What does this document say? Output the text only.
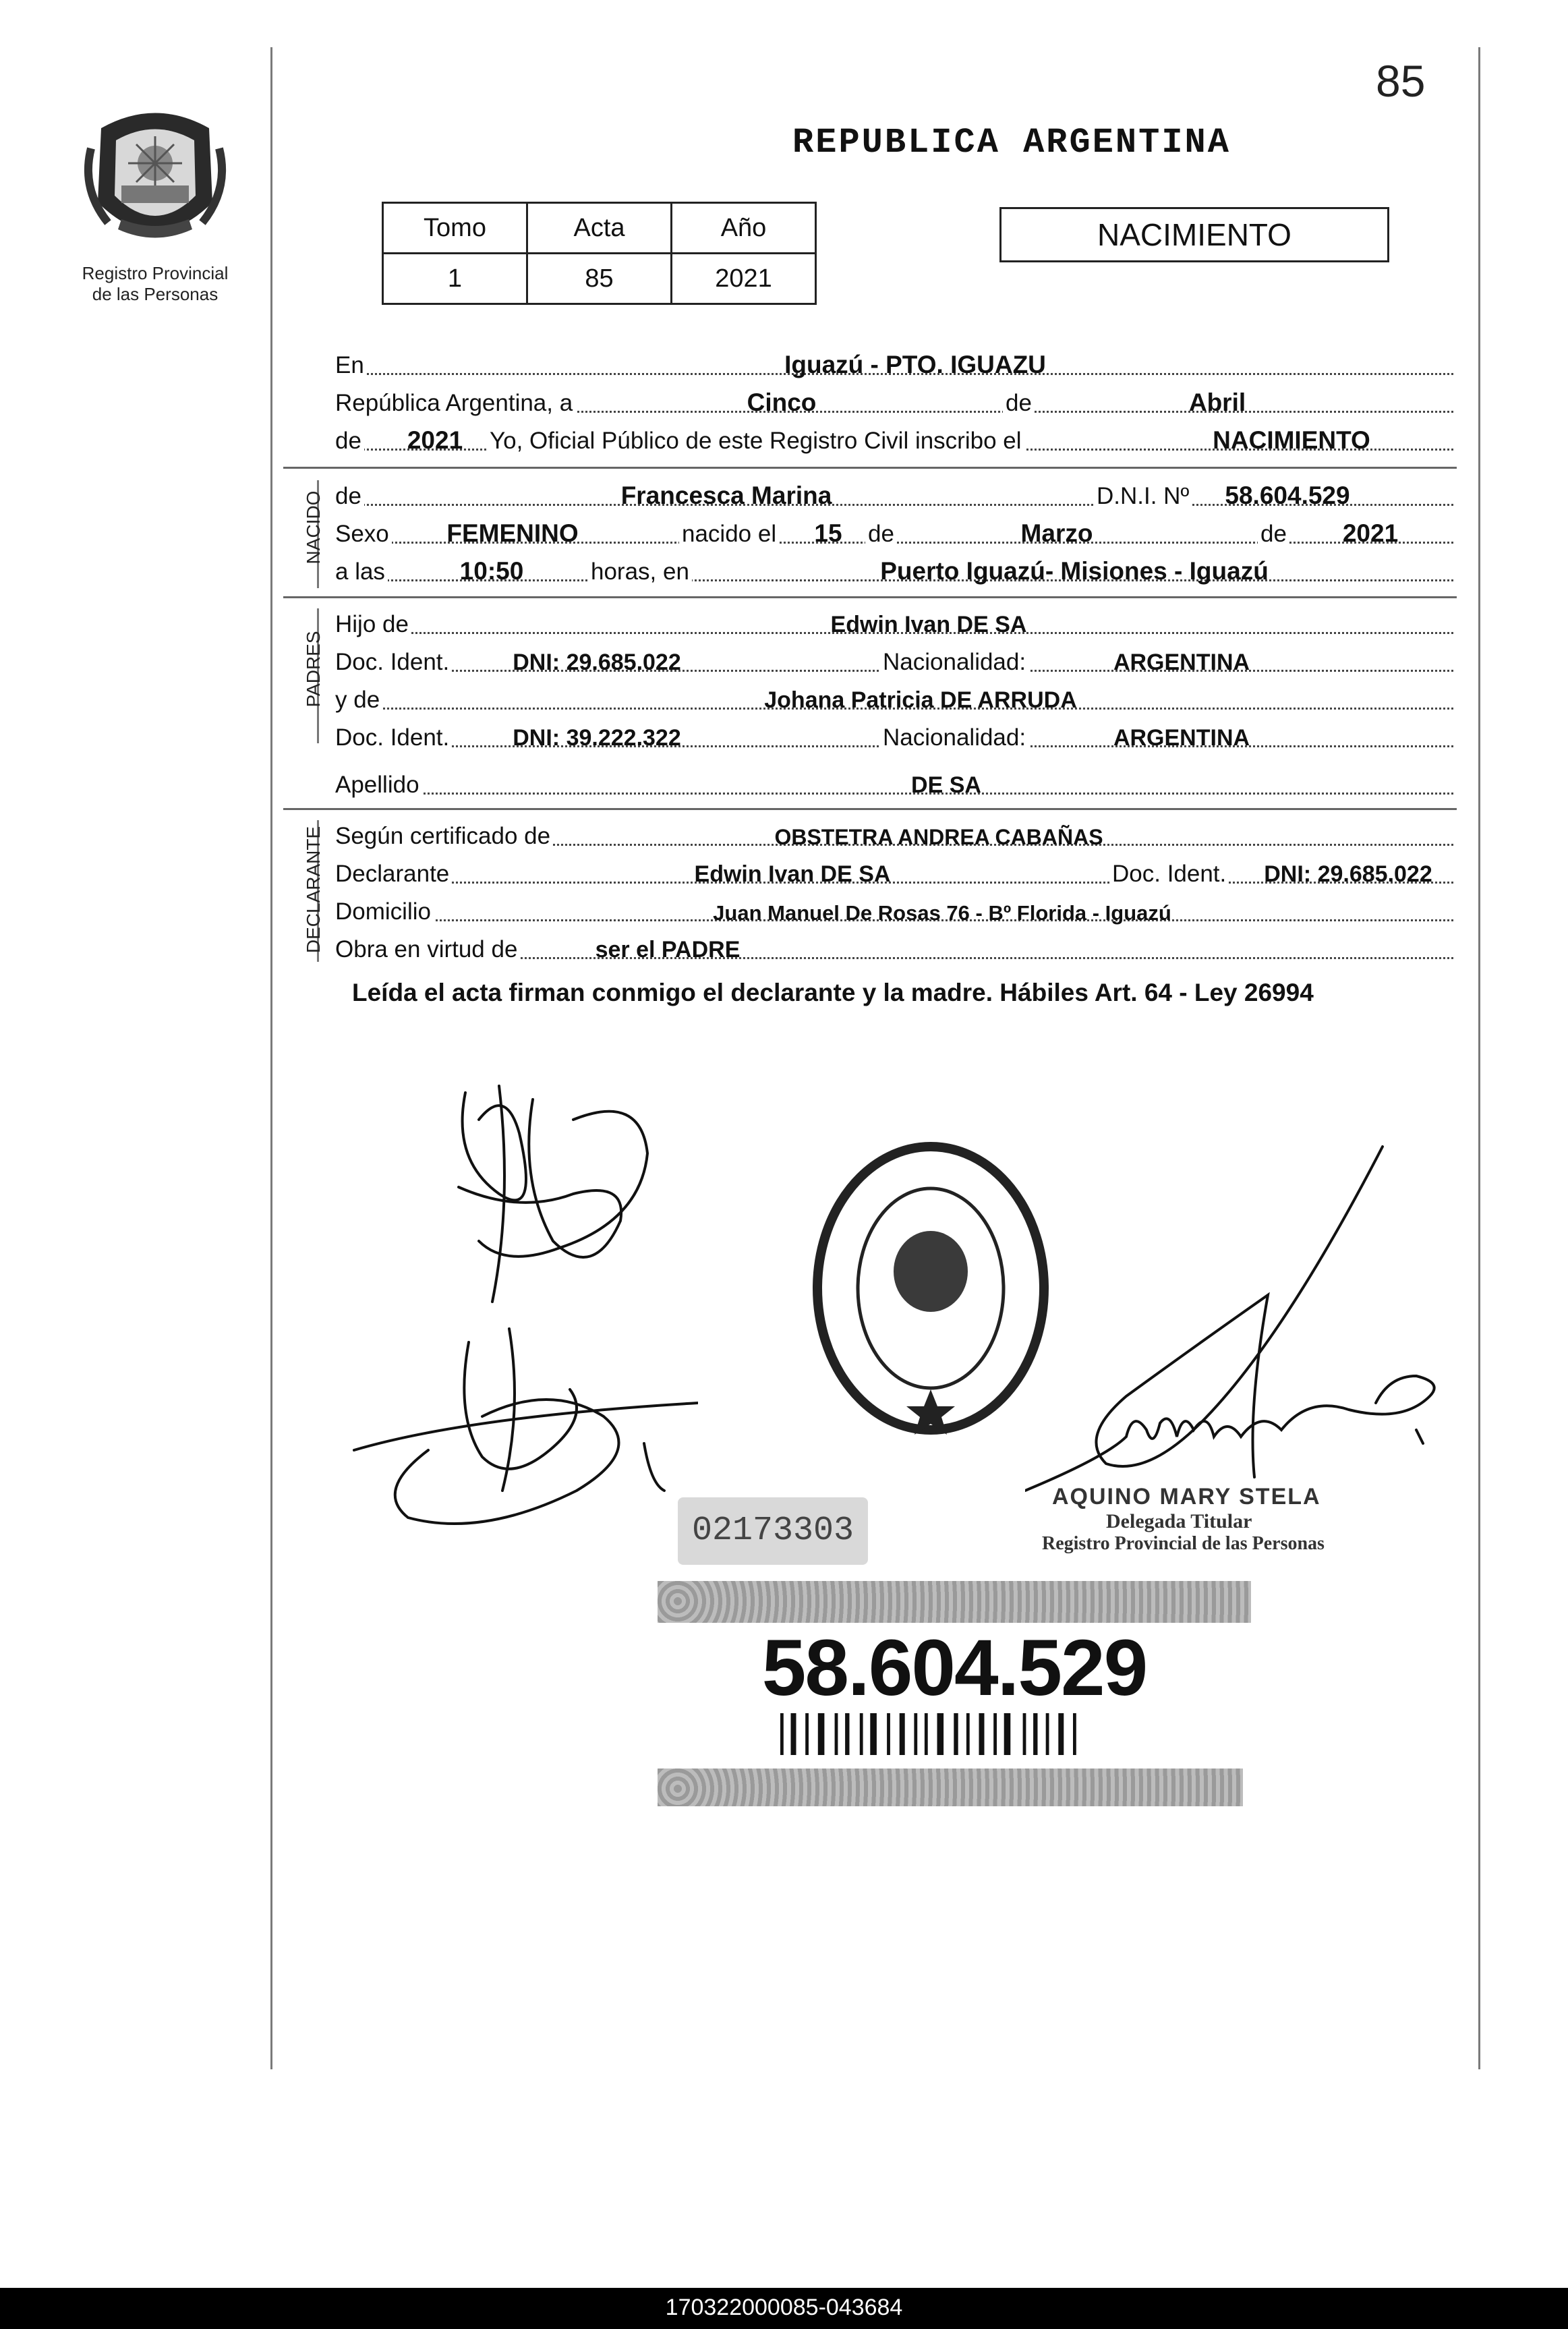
85
Registro Provincial
de las Personas
REPUBLICA ARGENTINA
Tomo	Acta	Año
1	85	2021
NACIMIENTO
En	Iguazú - PTO. IGUAZU
República Argentina, a	Cinco	de	Abril
de 2021 Yo, Oficial Público de este Registro Civil inscribo el	NACIMIENTO
de	Francesca Marina	D.N.I. Nº 58.604.529
Sexo FEMENINO	nacido el 15 de	Marzo	de 2021
a las	10:50	horas, en	Puerto Iguazú- Misiones - Iguazú
Hijo de	Edwin Ivan DE SA
Doc. Ident.	DNI: 29.685.022	Nacionalidad:	ARGENTINA
y de	Johana Patricia DE ARRUDA
Doc. Ident.	DNI: 39.222.322	Nacionalidad:	ARGENTINA
Apellido	DE SA
Según certificado de	OBSTETRA ANDREA CABAÑAS
Declarante	Edwin Ivan DE SA	Doc. Ident. DNI: 29.685.022
Domicilio	Juan Manuel De Rosas 76 - Bº Florida - Iguazú
Obra en virtud de	ser el PADRE
NACIDO
PADRES
DECLARANTE
Leída el acta firman conmigo el declarante y la madre. Hábiles Art. 64 - Ley 26994
02173303
AQUINO MARY STELA
Delegada Titular
Registro Provincial de las Personas
58.604.529
170322000085-043684
